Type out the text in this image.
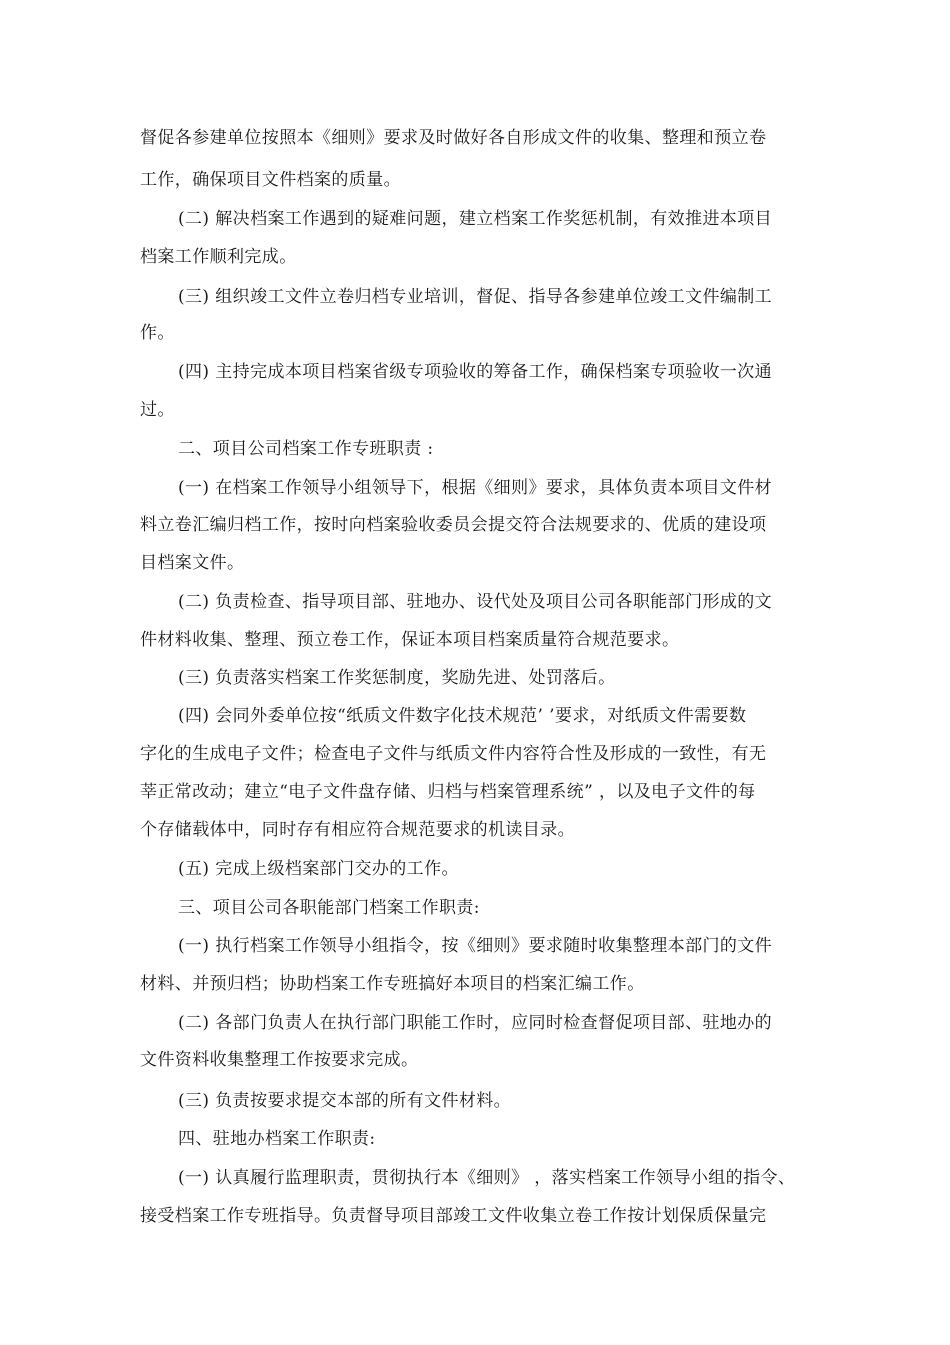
督促各参建单位按照本《细则》要求及时做好各自形成文件的收集、整理和预立卷
工作，确保项目文件档案的质量。
(二) 解决档案工作遇到的疑难问题，建立档案工作奖惩机制，有效推进本项目
档案工作顺利完成。
(三) 组织竣工文件立卷归档专业培训，督促、指导各参建单位竣工文件编制工
作。
(四) 主持完成本项目档案省级专项验收的筹备工作，确保档案专项验收一次通
过。
二、项目公司档案工作专班职责 :
(一) 在档案工作领导小组领导下，根据《细则》要求，具体负责本项目文件材
料立卷汇编归档工作，按时向档案验收委员会提交符合法规要求的、优质的建设项
目档案文件。
(二) 负责检查、指导项目部、驻地办、设代处及项目公司各职能部门形成的文
件材料收集、整理、预立卷工作，保证本项目档案质量符合规范要求。
(三) 负责落实档案工作奖惩制度，奖励先进、处罚落后。
(四) 会同外委单位按“纸质文件数字化技术规范’ ’要求，对纸质文件需要数
字化的生成电子文件；检查电子文件与纸质文件内容符合性及形成的一致性，有无
莘正常改动；建立“电子文件盘存储、归档与档案管理系统” ，以及电子文件的每
个存储载体中，同时存有相应符合规范要求的机读目录。
(五) 完成上级档案部门交办的工作。
三、项目公司各职能部门档案工作职责:
(一) 执行档案工作领导小组指令，按《细则》要求随时收集整理本部门的文件
材料、并预归档；协助档案工作专班搞好本项目的档案汇编工作。
(二) 各部门负责人在执行部门职能工作时，应同时检查督促项目部、驻地办的
文件资料收集整理工作按要求完成。
(三) 负责按要求提交本部的所有文件材料。
四、驻地办档案工作职责:
(一) 认真履行监理职责，贯彻执行本《细则》 ，落实档案工作领导小组的指令、
接受档案工作专班指导。负责督导项目部竣工文件收集立卷工作按计划保质保量完
